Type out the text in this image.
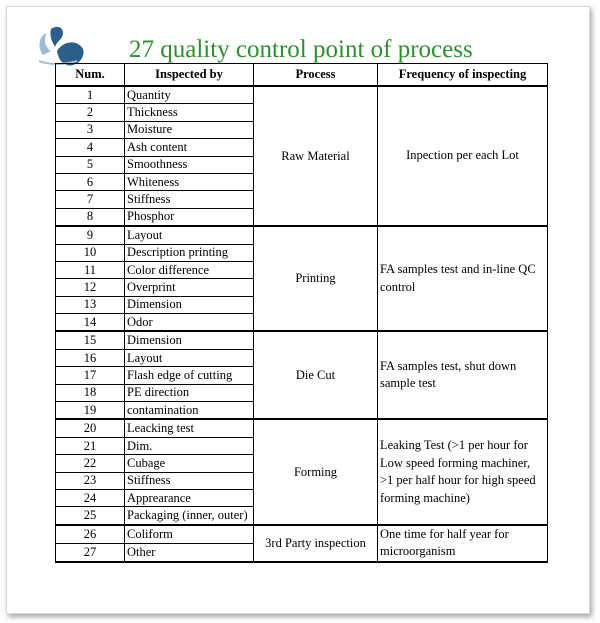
27 quality control point of process
Num.	Inspected by	Process	Frequency of inspecting
1	Quantity	Raw Material	Inpection per each Lot
2	Thickness		
3	Moisture		
4	Ash content		
5	Smoothness		
6	Whiteness		
7	Stiffness		
8	Phosphor		
9	Layout	Printing	FA samples test and in-line QC control
10	Description printing		
11	Color difference		
12	Overprint		
13	Dimension		
14	Odor		
15	Dimension	Die Cut	FA samples test, shut down sample test
16	Layout		
17	Flash edge of cutting		
18	PE direction		
19	contamination		
20	Leacking test	Forming	Leaking Test (>1 per hour for Low speed forming machiner, >1 per half hour for high speed forming machine)
21	Dim.		
22	Cubage		
23	Stiffness		
24	Apprearance		
25	Packaging (inner, outer)		
26	Coliform	3rd Party inspection	One time for half year for microorganism
27	Other		
